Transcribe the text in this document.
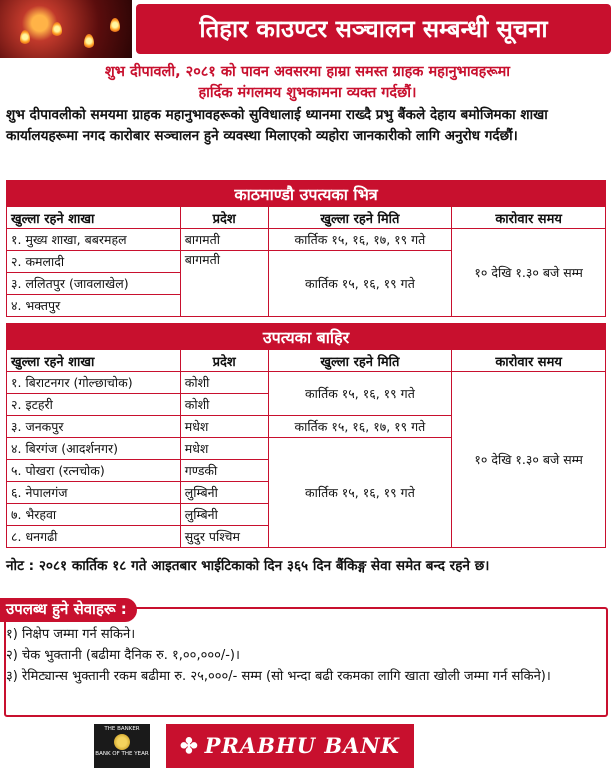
तिहार काउण्टर सञ्चालन सम्बन्धी सूचना
शुभ दीपावली, २०८१ को पावन अवसरमा हाम्रा समस्त ग्राहक महानुभावहरूमा
हार्दिक मंगलमय शुभकामना व्यक्त गर्दछौं।
शुभ दीपावलीको समयमा ग्राहक महानुभावहरूको सुविधालाई ध्यानमा राख्दै प्रभु बैंकले देहाय बमोजिमका शाखा कार्यालयहरूमा नगद कारोबार सञ्चालन हुने व्यवस्था मिलाएको व्यहोरा जानकारीको लागि अनुरोध गर्दछौं।
काठमाण्डौ उपत्यका भित्र			
खुल्ला रहने शाखा	प्रदेश	खुल्ला रहने मिति	कारोवार समय
१. मुख्य शाखा, बबरमहल	बागमती	कार्तिक १५, १६, १७, १९ गते	१० देखि १.३० बजे सम्म
२. कमलादी	बागमती	कार्तिक १५, १६, १९ गते	
३. ललितपुर (जावलाखेल)			
४. भक्तपुर			
उपत्यका बाहिर			
खुल्ला रहने शाखा	प्रदेश	खुल्ला रहने मिति	कारोवार समय
१. बिराटनगर (गोल्छाचोक)	कोशी	कार्तिक १५, १६, १९ गते	१० देखि १.३० बजे सम्म
२. इटहरी	कोशी		
३. जनकपुर	मधेश	कार्तिक १५, १६, १७, १९ गते	
४. बिरगंज (आदर्शनगर)	मधेश	कार्तिक १५, १६, १९ गते	
५. पोखरा (रत्नचोक)	गण्डकी		
६. नेपालगंज	लुम्बिनी		
७. भैरहवा	लुम्बिनी		
८. धनगढी	सुदुर पश्चिम		
नोट : २०८१ कार्तिक १८ गते आइतबार भाईटिकाको दिन ३६५ दिन बैंकिङ्ग सेवा समेत बन्द रहने छ।
उपलब्ध हुने सेवाहरू :
१) निक्षेप जम्मा गर्न सकिने।
२) चेक भुक्तानी (बढीमा दैनिक रु. १,००,०००/-)।
३) रेमिट्यान्स भुक्तानी रकम बढीमा रु. २५,०००/- सम्म (सो भन्दा बढी रकमका लागि खाता खोली जम्मा गर्न सकिने)।
THE BANKER
BANK OF THE YEAR	✤ PRABHU BANK
